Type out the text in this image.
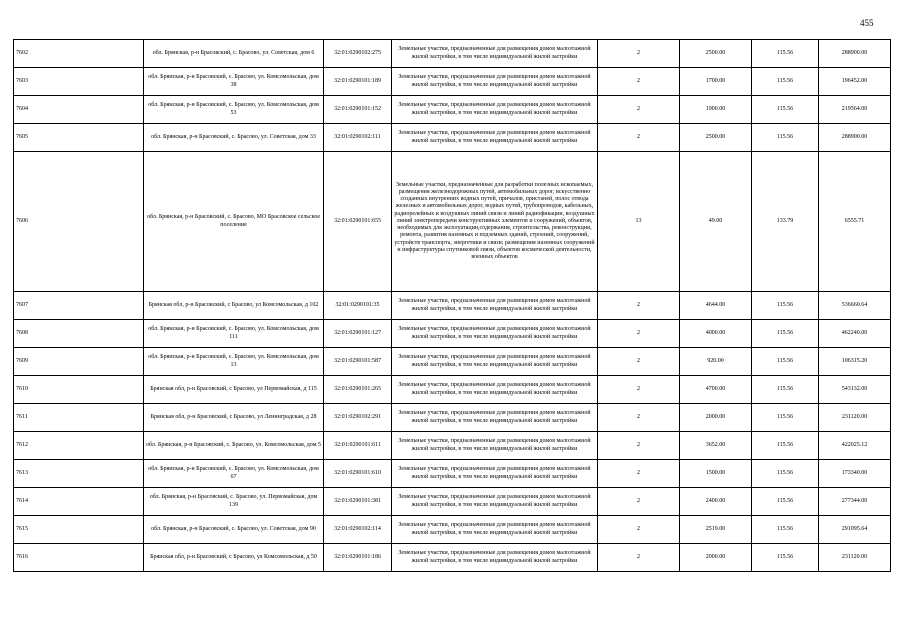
455
7602	обл. Брянская, р-н Брасовский, с. Брасово, ул. Советская, дом 6	32:01:0290102:275	Земельные участки, предназначенные для размещения домов малоэтажной жилой застройки, в том числе индивидуальной жилой застройки	2	2500.00	115.56	288900.00
7603	обл. Брянская, р-н Брасовский, с. Брасово, ул. Комсомольская, дом 38	32:01:0290101:189	Земельные участки, предназначенные для размещения домов малоэтажной жилой застройки, в том числе индивидуальной жилой застройки	2	1700.00	115.56	196452.00
7604	обл. Брянская, р-н Брасовский, с. Брасово, ул. Комсомольская, дом 53	32:01:0290101:152	Земельные участки, предназначенные для размещения домов малоэтажной жилой застройки, в том числе индивидуальной жилой застройки	2	1900.00	115.56	219564.00
7605	обл. Брянская, р-н Брасовский, с. Брасово, ул. Советская, дом 33	32:01:0290102:111	Земельные участки, предназначенные для размещения домов малоэтажной жилой застройки, в том числе индивидуальной жилой застройки	2	2500.00	115.56	288900.00
7606	обл. Брянская, р-н Брасовский, с. Брасово, МО Брасовское сельское поселение	32:01:0290101:655	Земельные участки, предназначенные для разработки полезных ископаемых, размещения железнодорожных путей, автомобильных дорог, искусственно созданных внутренних водных путей, причалов, пристаней, полос отвода железных и автомобильных дорог, водных путей, трубопроводов, кабельных, радиорелейных и воздушных линий связи и линий радиофикации, воздушных линий электропередачи конструктивных элементов и сооружений, объектов, необходимых для эксплуатации,содержания, строительства, реконструкции, ремонта, развития наземных и подземных зданий, строений, сооружений, устройств транспорта, энергетики и связи; размещения наземных сооружений и инфраструктуры спутниковой связи, объектов космической деятельности, военных объектов	13	49.00	133.79	6555.71
7607	Брянская обл, р-н Брасовский, с Брасово, ул Комсомольская, д 102	32:01:0290101:35	Земельные участки, предназначенные для размещения домов малоэтажной жилой застройки, в том числе индивидуальной жилой застройки	2	4644.00	115.56	536660.64
7608	обл. Брянская, р-н Брасовский, с. Брасово, ул. Комсомольская, дом 111	32:01:0290101:127	Земельные участки, предназначенные для размещения домов малоэтажной жилой застройки, в том числе индивидуальной жилой застройки	2	4000.00	115.56	462240.00
7609	обл. Брянская, р-н Брасовский, с. Брасово, ул. Комсомольская, дом 13	32:01:0290101:587	Земельные участки, предназначенные для размещения домов малоэтажной жилой застройки, в том числе индивидуальной жилой застройки	2	920.00	115.56	106315.20
7610	Брянская обл, р-н Брасовский, с Брасово, ул Первомайская, д 115	32:01:0290101:265	Земельные участки, предназначенные для размещения домов малоэтажной жилой застройки, в том числе индивидуальной жилой застройки	2	4700.00	115.56	543132.00
7611	Брянская обл, р-н Брасовский, с Брасово, ул Ленинградская, д 28	32:01:0290102:291	Земельные участки, предназначенные для размещения домов малоэтажной жилой застройки, в том числе индивидуальной жилой застройки	2	2000.00	115.56	231120.00
7612	обл. Брянская, р-н Брасовский, с. Брасово, ул. Комсомольская, дом 5	32:01:0290101:611	Земельные участки, предназначенные для размещения домов малоэтажной жилой застройки, в том числе индивидуальной жилой застройки	2	3652.00	115.56	422025.12
7613	обл. Брянская, р-н Брасовский, с. Брасово, ул. Комсомольская, дом 67	32:01:0290101:610	Земельные участки, предназначенные для размещения домов малоэтажной жилой застройки, в том числе индивидуальной жилой застройки	2	1500.00	115.56	173340.00
7614	обл. Брянская, р-н Брасовский, с. Брасово, ул. Первомайская, дом 139	32:01:0290101:381	Земельные участки, предназначенные для размещения домов малоэтажной жилой застройки, в том числе индивидуальной жилой застройки	2	2400.00	115.56	277344.00
7615	обл. Брянская, р-н Брасовский, с. Брасово, ул. Советская, дом 90	32:01:0290102:114	Земельные участки, предназначенные для размещения домов малоэтажной жилой застройки, в том числе индивидуальной жилой застройки	2	2519.00	115.56	291095.64
7616	Брянская обл, р-н Брасовский, с Брасово, ул Комсомольская, д 50	32:01:0290101:186	Земельные участки, предназначенные для размещения домов малоэтажной жилой застройки, в том числе индивидуальной жилой застройки	2	2000.00	115.56	231120.00
